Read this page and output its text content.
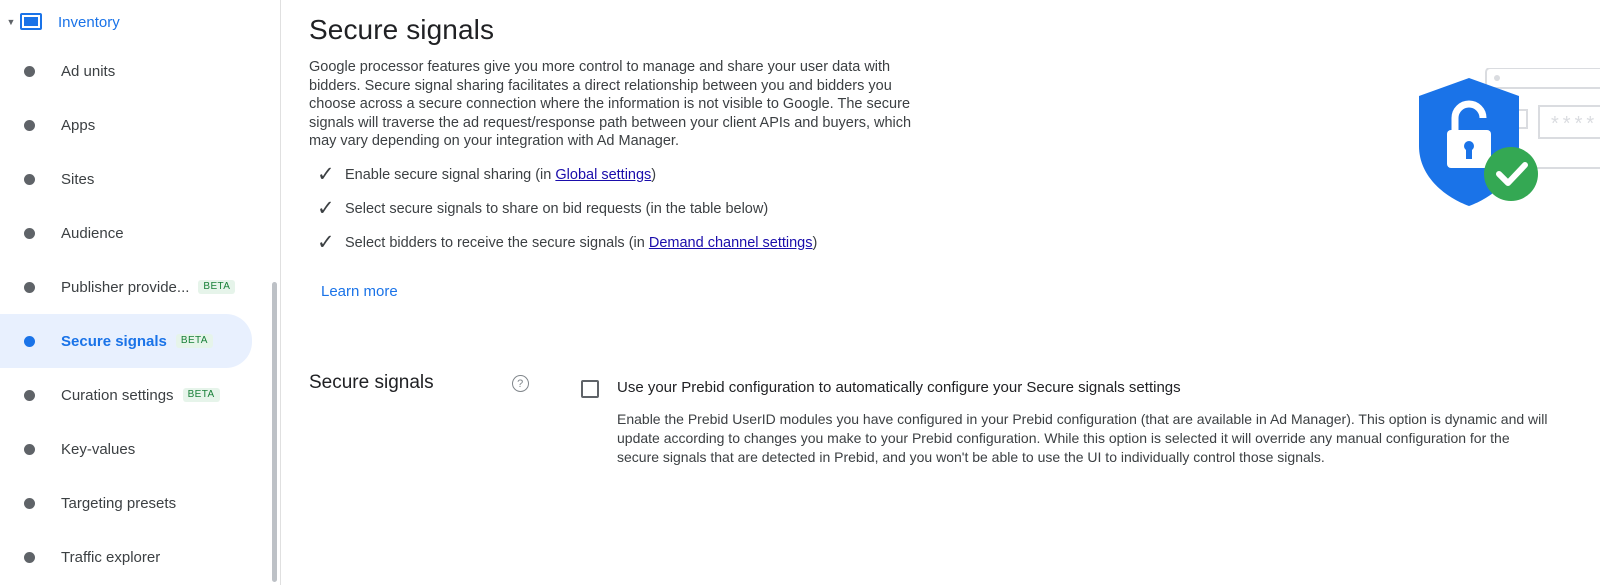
▼	Inventory
Ad units
Apps
Sites
Audience
Publisher provide...	BETA
Secure signals	BETA
Curation settings	BETA
Key-values
Targeting presets
Traffic explorer
Secure signals

Google processor features give you more control to manage and share your user data with bidders. Secure signal sharing facilitates a direct relationship between you and bidders you choose across a secure connection where the information is not visible to Google. The secure signals will traverse the ad request/response path between your client APIs and buyers, which may vary depending on your integration with Ad Manager.

✓ Enable secure signal sharing (in Global settings)
✓ Select secure signals to share on bid requests (in the table below)
✓ Select bidders to receive the secure signals (in Demand channel settings)
Learn more
****
Secure signals	?	Use your Prebid configuration to automatically configure your Secure signals settings
Enable the Prebid UserID modules you have configured in your Prebid configuration (that are available in Ad Manager). This option is dynamic and will update according to changes you make to your Prebid configuration. While this option is selected it will override any manual configuration for the secure signals that are detected in Prebid, and you won't be able to use the UI to individually control those signals.
